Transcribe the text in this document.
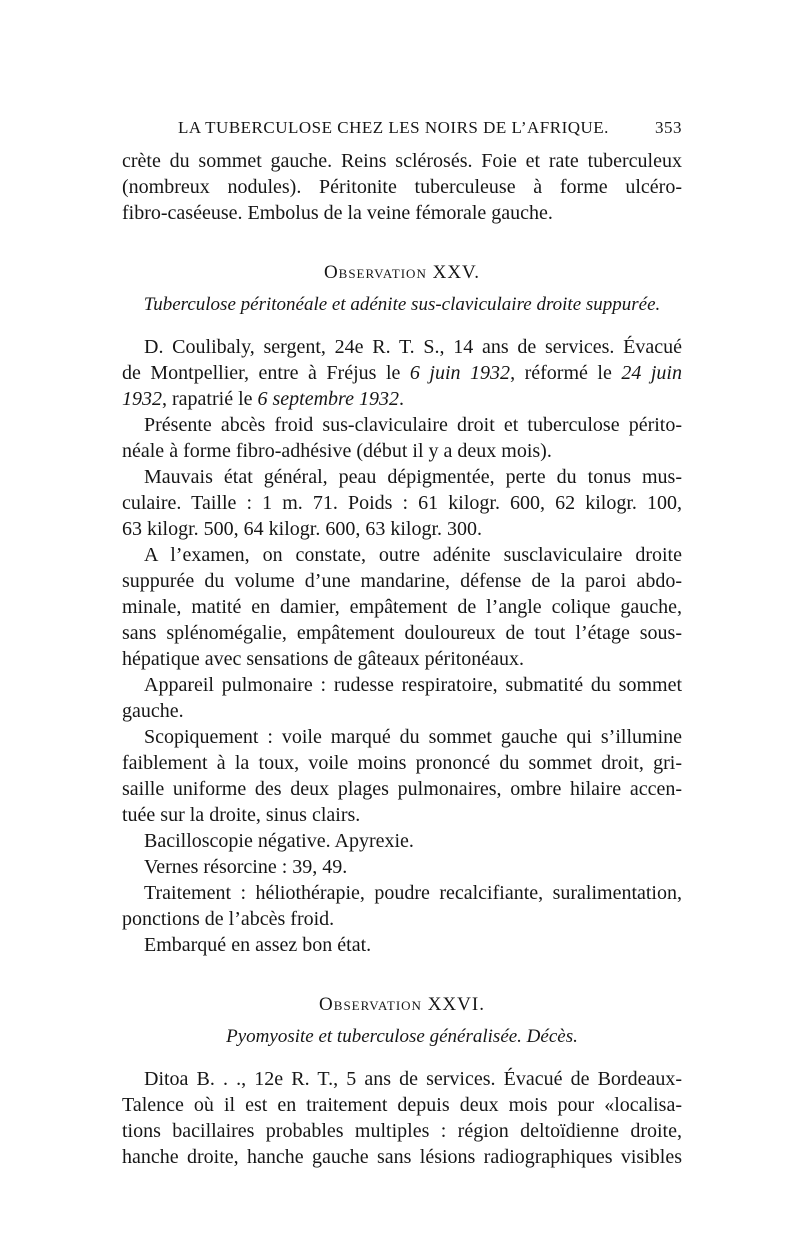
LA TUBERCULOSE CHEZ LES NOIRS DE L’AFRIQUE.	353
crète du sommet gauche. Reins sclérosés. Foie et rate tuberculeux
(nombreux nodules). Péritonite tuberculeuse à forme ulcéro-
fibro-caséeuse. Embolus de la veine fémorale gauche.
Observation XXV.
Tuberculose péritonéale et adénite sus-claviculaire droite suppurée.
D. Coulibaly, sergent, 24e R. T. S., 14 ans de services. Évacué
de Montpellier, entre à Fréjus le 6 juin 1932, réformé le 24 juin
1932, rapatrié le 6 septembre 1932.
Présente abcès froid sus-claviculaire droit et tuberculose périto-
néale à forme fibro-adhésive (début il y a deux mois).
Mauvais état général, peau dépigmentée, perte du tonus mus-
culaire. Taille : 1 m. 71. Poids : 61 kilogr. 600, 62 kilogr. 100,
63 kilogr. 500, 64 kilogr. 600, 63 kilogr. 300.
A l’examen, on constate, outre adénite susclaviculaire droite
suppurée du volume d’une mandarine, défense de la paroi abdo-
minale, matité en damier, empâtement de l’angle colique gauche,
sans splénomégalie, empâtement douloureux de tout l’étage sous-
hépatique avec sensations de gâteaux péritonéaux.
Appareil pulmonaire : rudesse respiratoire, submatité du sommet
gauche.
Scopiquement : voile marqué du sommet gauche qui s’illumine
faiblement à la toux, voile moins prononcé du sommet droit, gri-
saille uniforme des deux plages pulmonaires, ombre hilaire accen-
tuée sur la droite, sinus clairs.
Bacilloscopie négative. Apyrexie.
Vernes résorcine : 39, 49.
Traitement : héliothérapie, poudre recalcifiante, suralimentation,
ponctions de l’abcès froid.
Embarqué en assez bon état.
Observation XXVI.
Pyomyosite et tuberculose généralisée. Décès.
Ditoa B. . ., 12e R. T., 5 ans de services. Évacué de Bordeaux-
Talence où il est en traitement depuis deux mois pour «localisa-
tions bacillaires probables multiples : région deltoïdienne droite,
hanche droite, hanche gauche sans lésions radiographiques visibles
